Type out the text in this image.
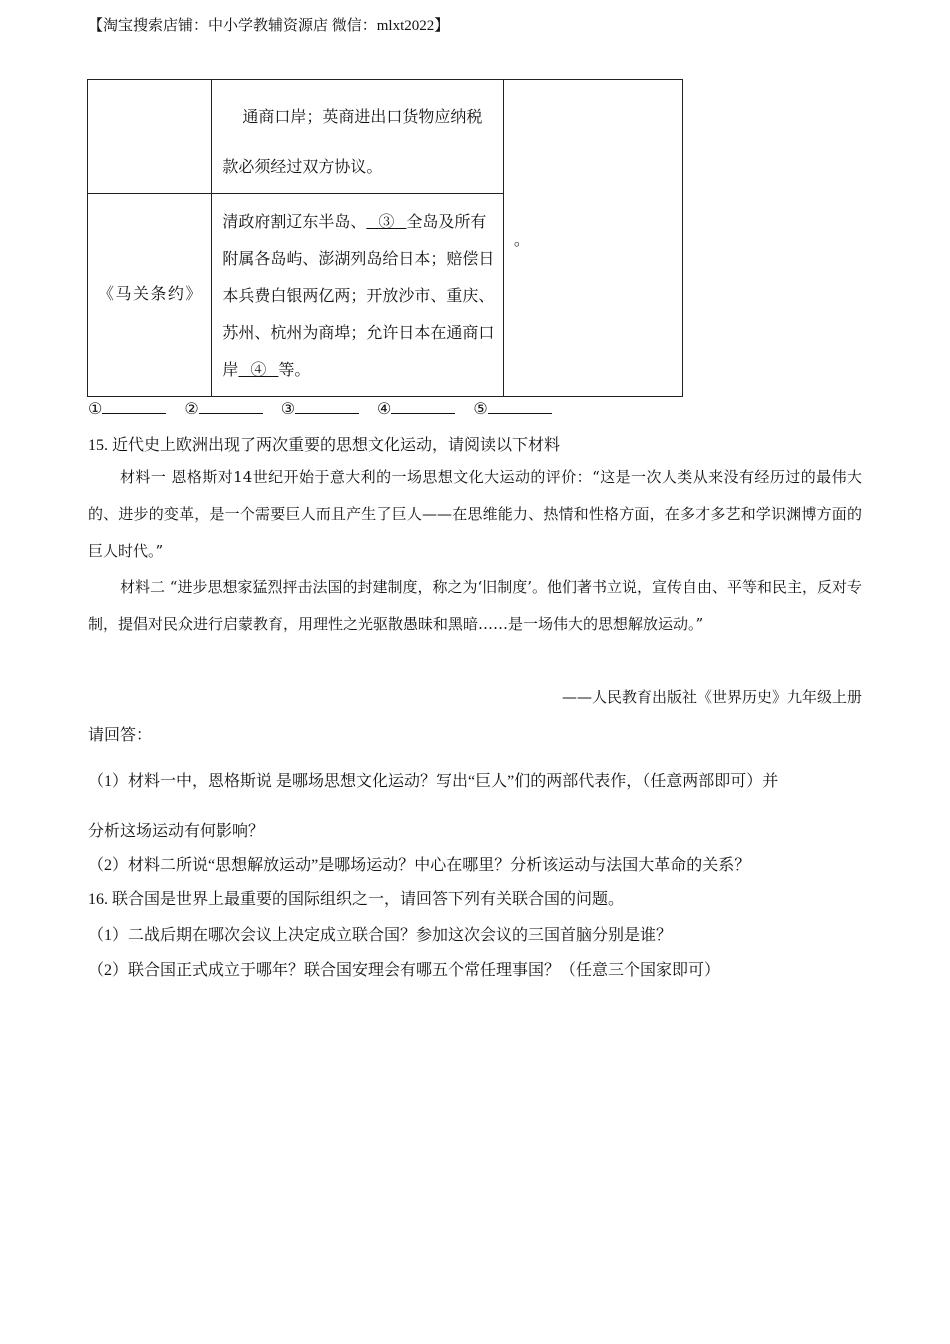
【淘宝搜索店铺：中小学教辅资源店 微信：mlxt2022】

	通商口岸；英商进出口货物应纳税
款必须经过双方协议。	。
《马关条约》	清政府割辽东半岛、 ③ 全岛及所有附属各岛屿、澎湖列岛给日本；赔偿日本兵费白银两亿两；开放沙市、重庆、苏州、杭州为商埠；允许日本在通商口岸 ④ 等。	
①	②	③	④	⑤
15. 近代史上欧洲出现了两次重要的思想文化运动，请阅读以下材料
材料一 恩格斯对14世纪开始于意大利的一场思想文化大运动的评价：“这是一次人类从来没有经历过的最伟大的、进步的变革，是一个需要巨人而且产生了巨人——在思维能力、热情和性格方面，在多才多艺和学识渊博方面的巨人时代。”
材料二 “进步思想家猛烈抨击法国的封建制度，称之为‘旧制度’。他们著书立说，宣传自由、平等和民主，反对专制，提倡对民众进行启蒙教育，用理性之光驱散愚昧和黑暗……是一场伟大的思想解放运动。”
——人民教育出版社《世界历史》九年级上册
请回答：
（1）材料一中，恩格斯说 是哪场思想文化运动？写出“巨人”们的两部代表作，（任意两部即可）并
分析这场运动有何影响？
（2）材料二所说“思想解放运动”是哪场运动？中心在哪里？分析该运动与法国大革命的关系？
16. 联合国是世界上最重要的国际组织之一，请回答下列有关联合国的问题。
（1）二战后期在哪次会议上决定成立联合国？参加这次会议的三国首脑分别是谁？
（2）联合国正式成立于哪年？联合国安理会有哪五个常任理事国？（任意三个国家即可）
